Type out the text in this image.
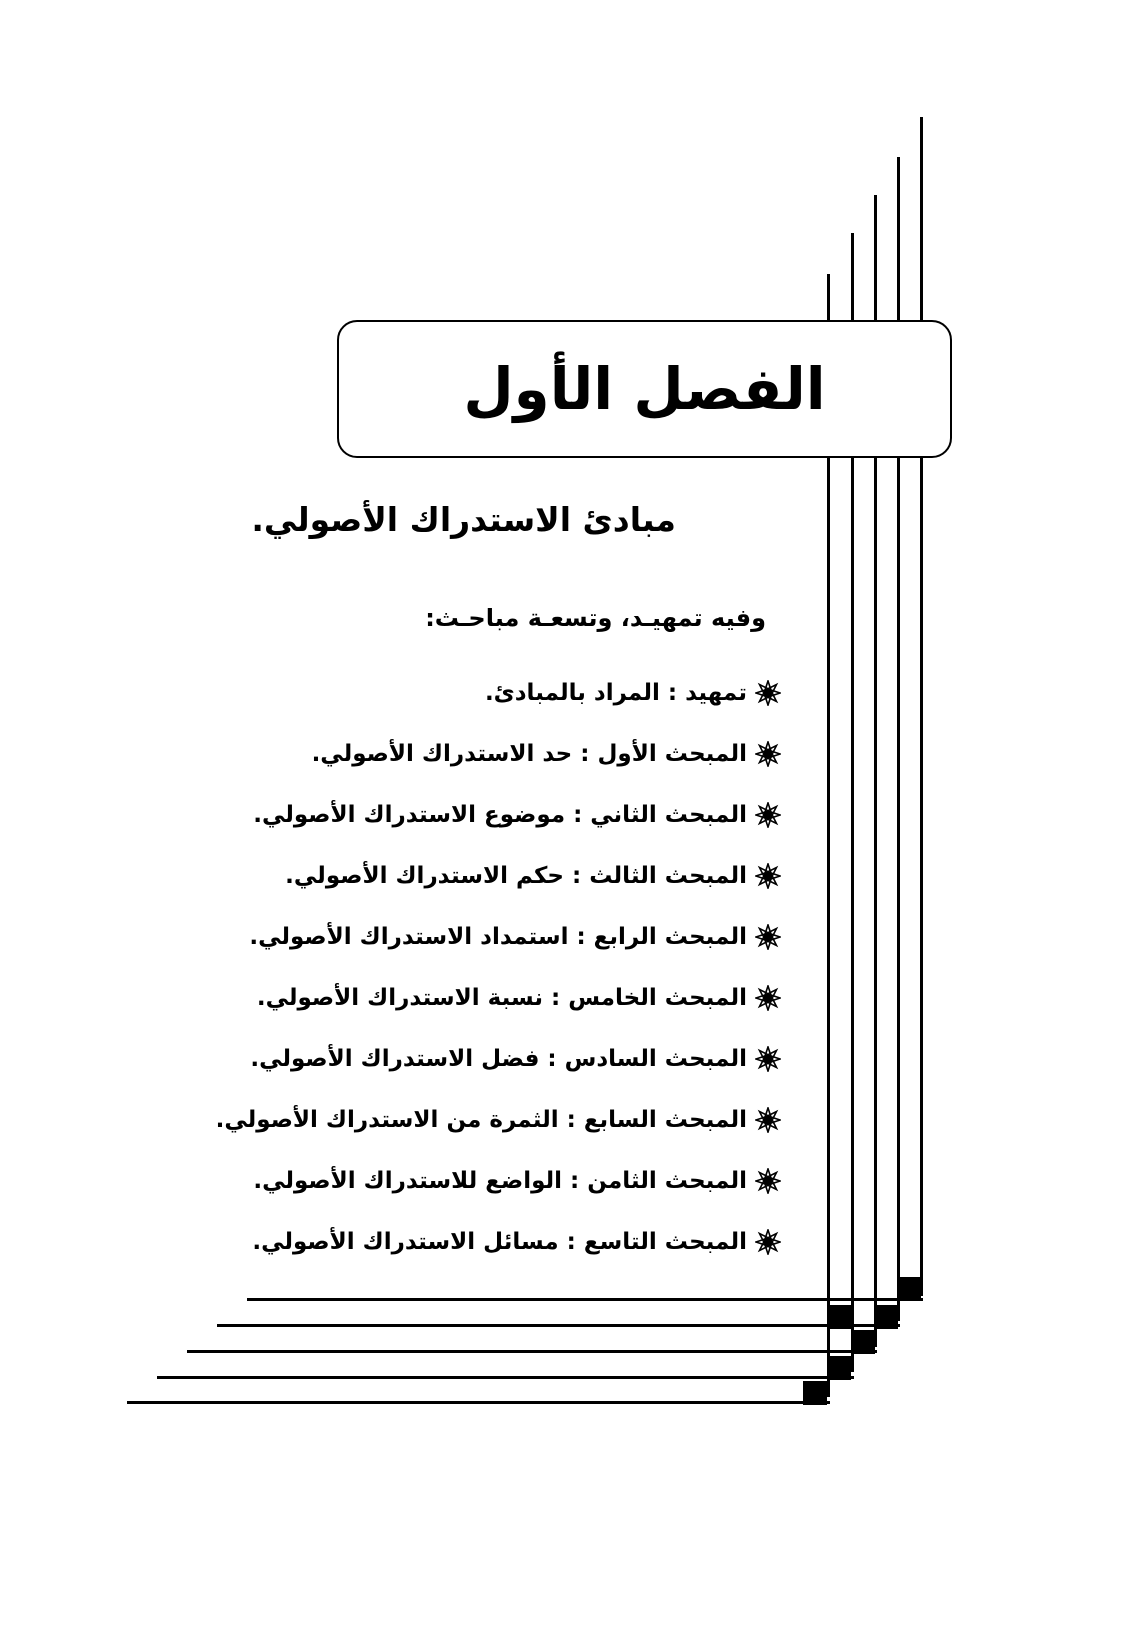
الفصل الأول
مبادئ الاستدراك الأصولي.
وفيه تمهيـد، وتسعـة مباحـث:
تمهيد : المراد بالمبادئ.
المبحث الأول : حد الاستدراك الأصولي.
المبحث الثاني : موضوع الاستدراك الأصولي.
المبحث الثالث : حكم الاستدراك الأصولي.
المبحث الرابع : استمداد الاستدراك الأصولي.
المبحث الخامس : نسبة الاستدراك الأصولي.
المبحث السادس : فضل الاستدراك الأصولي.
المبحث السابع : الثمرة من الاستدراك الأصولي.
المبحث الثامن : الواضع للاستدراك الأصولي.
المبحث التاسع : مسائل الاستدراك الأصولي.
